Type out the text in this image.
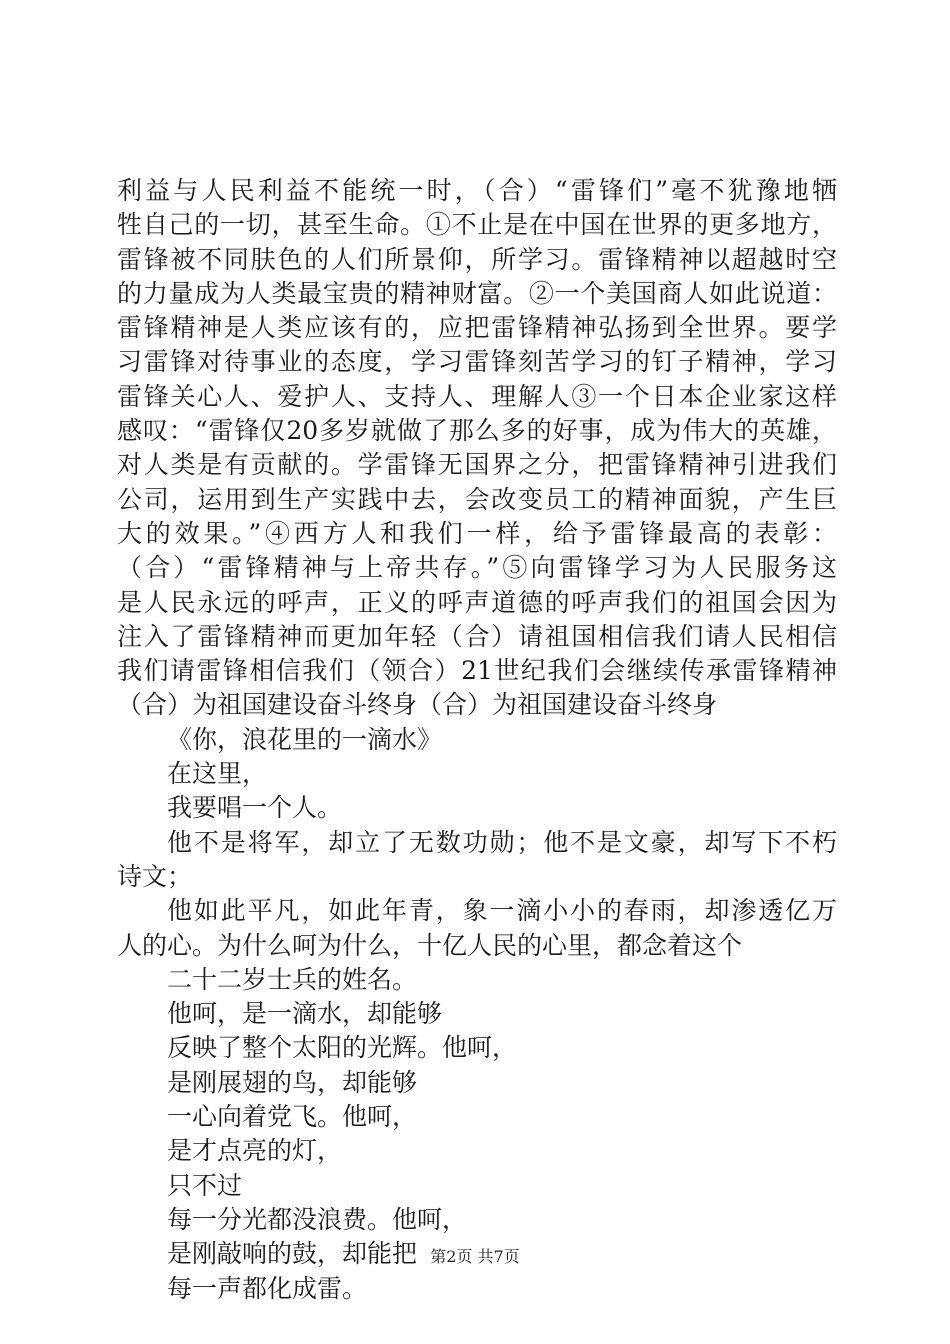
利益与人民利益不能统一时，（合）“雷锋们”毫不犹豫地牺
牲自己的一切，甚至生命。①不止是在中国在世界的更多地方，
雷锋被不同肤色的人们所景仰，所学习。雷锋精神以超越时空
的力量成为人类最宝贵的精神财富。②一个美国商人如此说道：
雷锋精神是人类应该有的，应把雷锋精神弘扬到全世界。要学
习雷锋对待事业的态度，学习雷锋刻苦学习的钉子精神，学习
雷锋关心人、爱护人、支持人、理解人③一个日本企业家这样
感叹：“雷锋仅20多岁就做了那么多的好事，成为伟大的英雄，
对人类是有贡献的。学雷锋无国界之分，把雷锋精神引进我们
公司，运用到生产实践中去，会改变员工的精神面貌，产生巨
大的效果。”④西方人和我们一样，给予雷锋最高的表彰：
（合）“雷锋精神与上帝共存。”⑤向雷锋学习为人民服务这
是人民永远的呼声，正义的呼声道德的呼声我们的祖国会因为
注入了雷锋精神而更加年轻（合）请祖国相信我们请人民相信
我们请雷锋相信我们（领合）21世纪我们会继续传承雷锋精神
（合）为祖国建设奋斗终身（合）为祖国建设奋斗终身
《你，浪花里的一滴水》
在这里，
我要唱一个人。
他不是将军，却立了无数功勋；他不是文豪，却写下不朽
诗文；
他如此平凡，如此年青，象一滴小小的春雨，却渗透亿万
人的心。为什么呵为什么，十亿人民的心里，都念着这个
二十二岁士兵的姓名。
他呵，是一滴水，却能够
反映了整个太阳的光辉。他呵，
是刚展翅的鸟，却能够
一心向着党飞。他呵，
是才点亮的灯，
只不过
每一分光都没浪费。他呵，
是刚敲响的鼓，却能把
每一声都化成雷。
第2页 共7页
